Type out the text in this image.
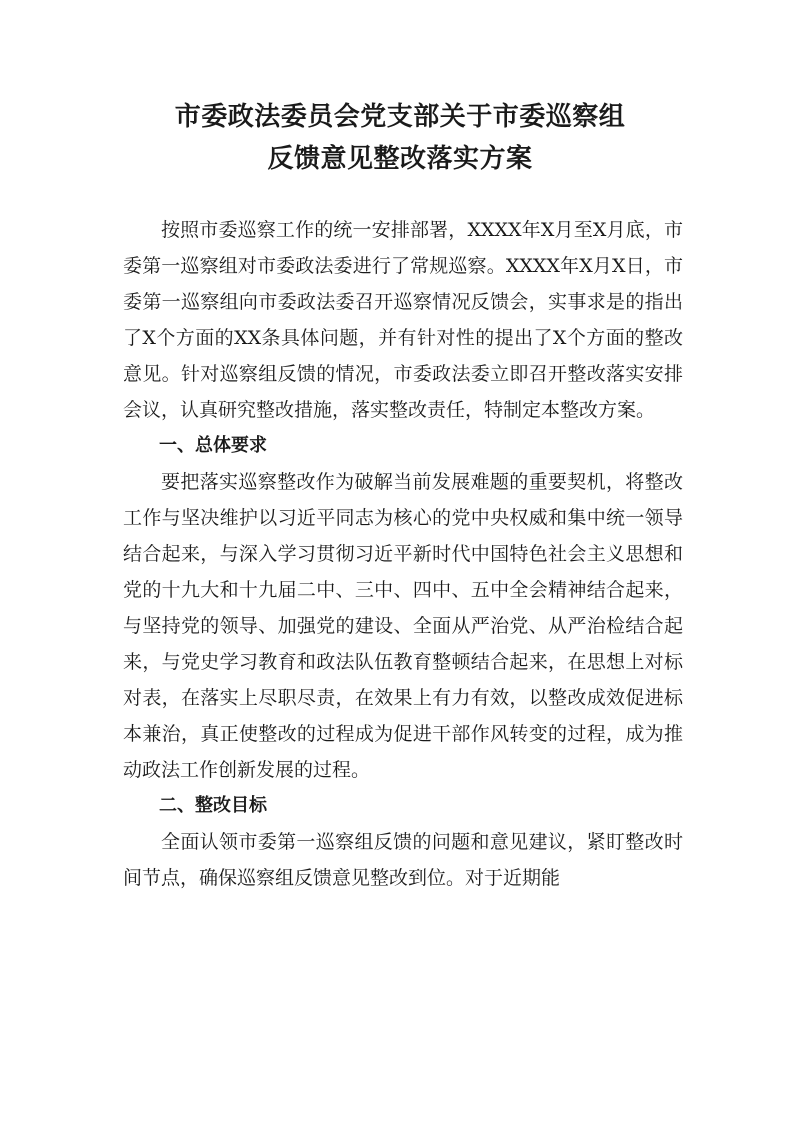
市委政法委员会党支部关于市委巡察组
反馈意见整改落实方案

按照市委巡察工作的统一安排部署，XXXX年X月至X月底，市委第一巡察组对市委政法委进行了常规巡察。XXXX年X月X日，市委第一巡察组向市委政法委召开巡察情况反馈会，实事求是的指出了X个方面的XX条具体问题，并有针对性的提出了X个方面的整改意见。针对巡察组反馈的情况，市委政法委立即召开整改落实安排会议，认真研究整改措施，落实整改责任，特制定本整改方案。

一、总体要求

要把落实巡察整改作为破解当前发展难题的重要契机，将整改工作与坚决维护以习近平同志为核心的党中央权威和集中统一领导结合起来，与深入学习贯彻习近平新时代中国特色社会主义思想和党的十九大和十九届二中、三中、四中、五中全会精神结合起来，与坚持党的领导、加强党的建设、全面从严治党、从严治检结合起来，与党史学习教育和政法队伍教育整顿结合起来，在思想上对标对表，在落实上尽职尽责，在效果上有力有效，以整改成效促进标本兼治，真正使整改的过程成为促进干部作风转变的过程，成为推动政法工作创新发展的过程。

二、整改目标

全面认领市委第一巡察组反馈的问题和意见建议，紧盯整改时间节点，确保巡察组反馈意见整改到位。对于近期能
